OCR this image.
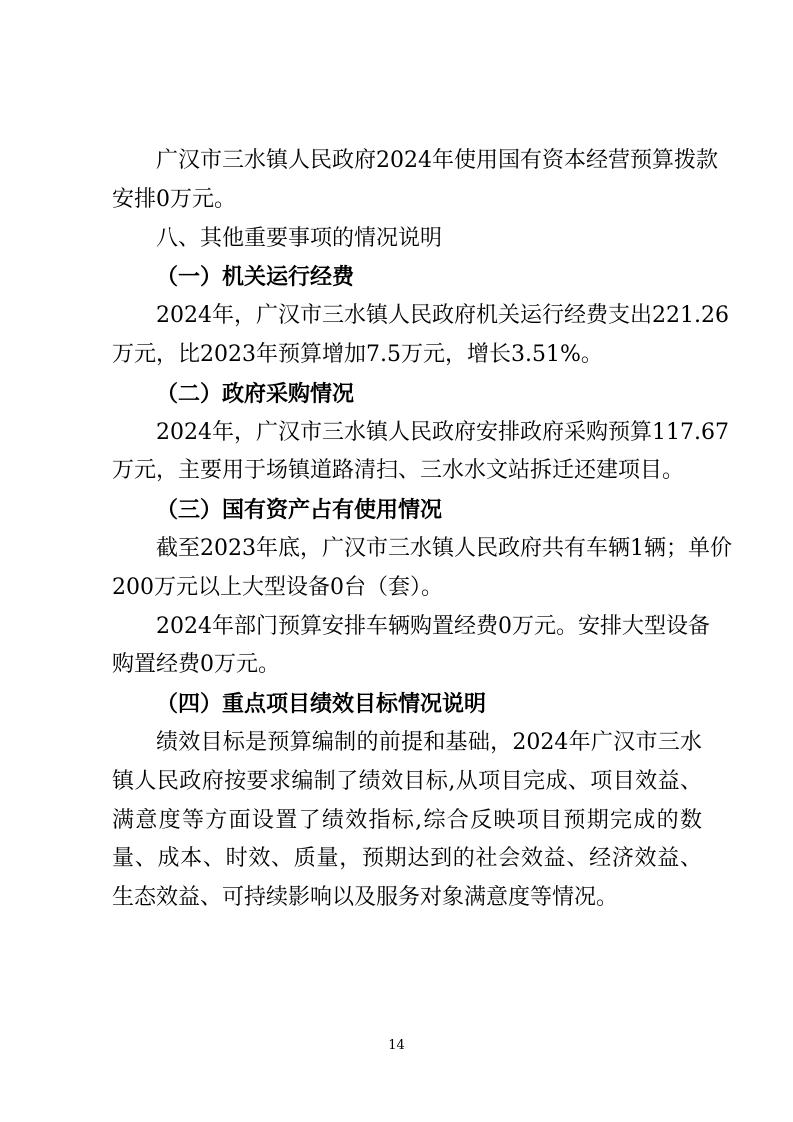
广汉市三水镇人民政府2024年使用国有资本经营预算拨款

安排0万元。

八、其他重要事项的情况说明

（一）机关运行经费

2024年，广汉市三水镇人民政府机关运行经费支出221.26

万元，比2023年预算增加7.5万元，增长3.51%。

（二）政府采购情况

2024年，广汉市三水镇人民政府安排政府采购预算117.67

万元，主要用于场镇道路清扫、三水水文站拆迁还建项目。

（三）国有资产占有使用情况

截至2023年底，广汉市三水镇人民政府共有车辆1辆；单价

200万元以上大型设备0台（套）。

2024年部门预算安排车辆购置经费0万元。安排大型设备

购置经费0万元。

（四）重点项目绩效目标情况说明

绩效目标是预算编制的前提和基础，2024年广汉市三水镇人民政府按要求编制了绩效目标,从项目完成、项目效益、满意度等方面设置了绩效指标,综合反映项目预期完成的数量、成本、时效、质量，预期达到的社会效益、经济效益、生态效益、可持续影响以及服务对象满意度等情况。

14
